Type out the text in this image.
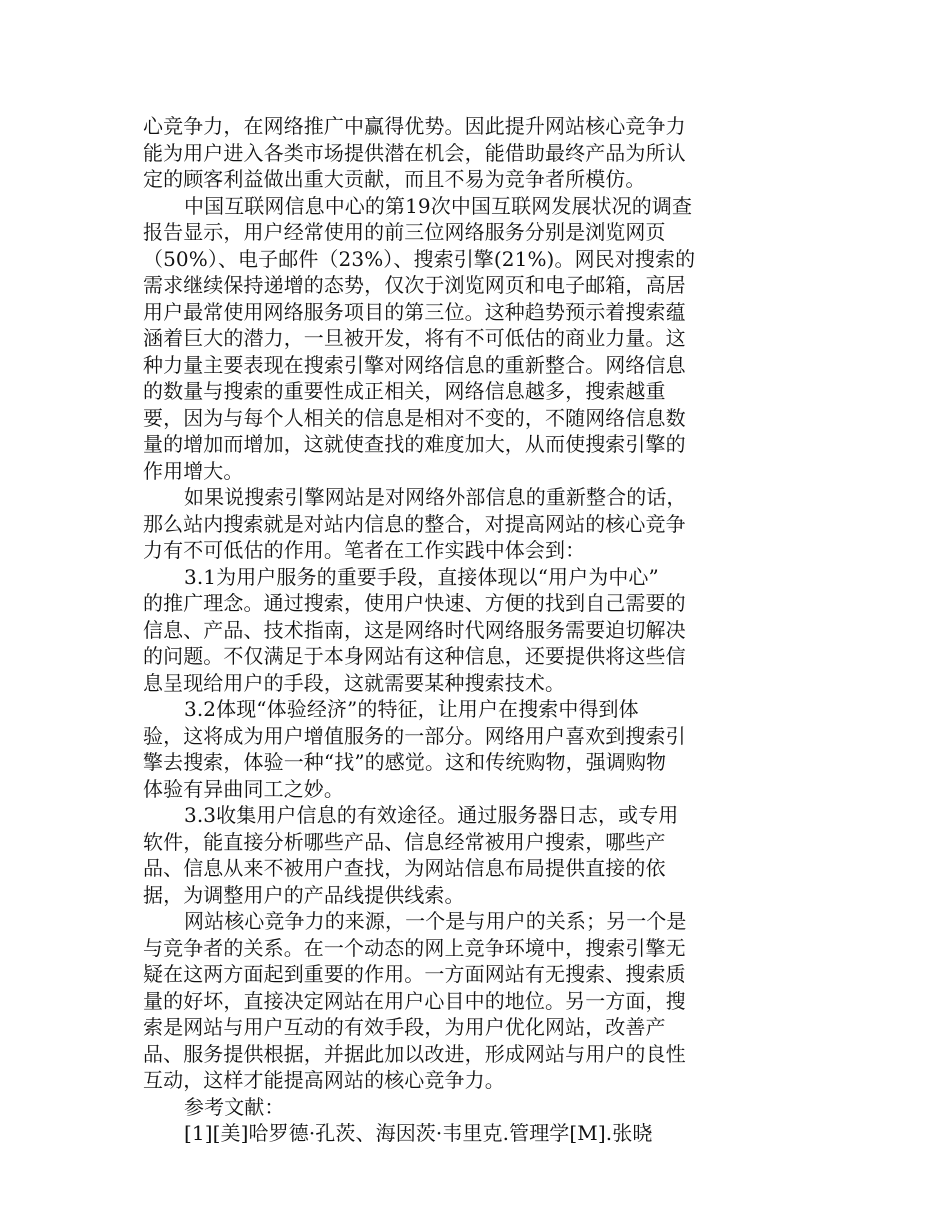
心竞争力，在网络推广中赢得优势。因此提升网站核心竞争力
能为用户进入各类市场提供潜在机会，能借助最终产品为所认
定的顾客利益做出重大贡献，而且不易为竞争者所模仿。
中国互联网信息中心的第19次中国互联网发展状况的调查
报告显示，用户经常使用的前三位网络服务分别是浏览网页
（50%）、电子邮件（23%）、搜索引擎(21%)。网民对搜索的
需求继续保持递增的态势，仅次于浏览网页和电子邮箱，高居
用户最常使用网络服务项目的第三位。这种趋势预示着搜索蕴
涵着巨大的潜力，一旦被开发，将有不可低估的商业力量。这
种力量主要表现在搜索引擎对网络信息的重新整合。网络信息
的数量与搜索的重要性成正相关，网络信息越多，搜索越重
要，因为与每个人相关的信息是相对不变的，不随网络信息数
量的增加而增加，这就使查找的难度加大，从而使搜索引擎的
作用增大。
如果说搜索引擎网站是对网络外部信息的重新整合的话，
那么站内搜索就是对站内信息的整合，对提高网站的核心竞争
力有不可低估的作用。笔者在工作实践中体会到：
3.1为用户服务的重要手段，直接体现以“用户为中心”
的推广理念。通过搜索，使用户快速、方便的找到自己需要的
信息、产品、技术指南，这是网络时代网络服务需要迫切解决
的问题。不仅满足于本身网站有这种信息，还要提供将这些信
息呈现给用户的手段，这就需要某种搜索技术。
3.2体现“体验经济”的特征，让用户在搜索中得到体
验，这将成为用户增值服务的一部分。网络用户喜欢到搜索引
擎去搜索，体验一种“找”的感觉。这和传统购物，强调购物
体验有异曲同工之妙。
3.3收集用户信息的有效途径。通过服务器日志，或专用
软件，能直接分析哪些产品、信息经常被用户搜索，哪些产
品、信息从来不被用户查找，为网站信息布局提供直接的依
据，为调整用户的产品线提供线索。
网站核心竞争力的来源，一个是与用户的关系；另一个是
与竞争者的关系。在一个动态的网上竞争环境中，搜索引擎无
疑在这两方面起到重要的作用。一方面网站有无搜索、搜索质
量的好坏，直接决定网站在用户心目中的地位。另一方面，搜
索是网站与用户互动的有效手段，为用户优化网站，改善产
品、服务提供根据，并据此加以改进，形成网站与用户的良性
互动，这样才能提高网站的核心竞争力。
参考文献：
[1][美]哈罗德·孔茨、海因茨·韦里克.管理学[M].张晓
